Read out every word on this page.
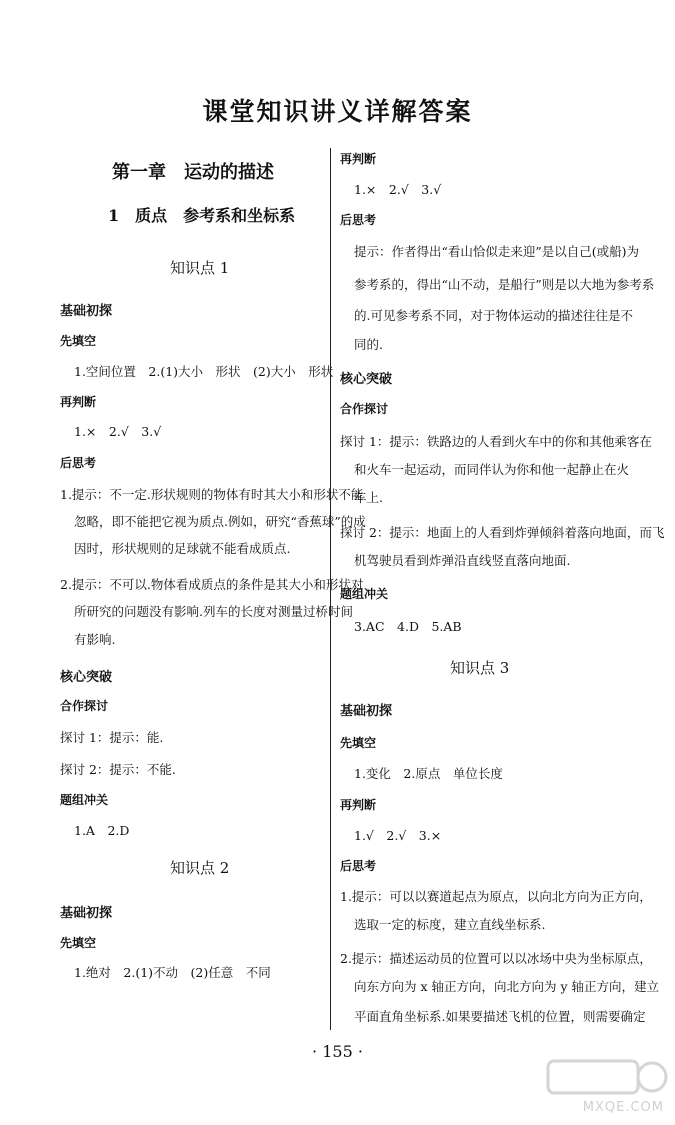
课堂知识讲义详解答案
第一章　运动的描述
1　质点　参考系和坐标系
知识点 1
基础初探
先填空
1.空间位置　2.(1)大小　形状　(2)大小　形状
再判断
1.×　2.√　3.√
后思考
1.提示：不一定.形状规则的物体有时其大小和形状不能
忽略，即不能把它视为质点.例如，研究“香蕉球”的成
因时，形状规则的足球就不能看成质点.
2.提示：不可以.物体看成质点的条件是其大小和形状对
所研究的问题没有影响.列车的长度对测量过桥时间
有影响.
核心突破
合作探讨
探讨 1：提示：能.
探讨 2：提示：不能.
题组冲关
1.A　2.D
知识点 2
基础初探
先填空
1.绝对　2.(1)不动　(2)任意　不同
再判断
1.×　2.√　3.√
后思考
提示：作者得出“看山恰似走来迎”是以自己(或船)为
参考系的，得出“山不动，是船行”则是以大地为参考系
的.可见参考系不同，对于物体运动的描述往往是不
同的.
核心突破
合作探讨
探讨 1：提示：铁路边的人看到火车中的你和其他乘客在
和火车一起运动，而同伴认为你和他一起静止在火
车上.
探讨 2：提示：地面上的人看到炸弹倾斜着落向地面，而飞
机驾驶员看到炸弹沿直线竖直落向地面.
题组冲关
3.AC　4.D　5.AB
知识点 3
基础初探
先填空
1.变化　2.原点　单位长度
再判断
1.√　2.√　3.×
后思考
1.提示：可以以赛道起点为原点，以向北方向为正方向，
选取一定的标度，建立直线坐标系.
2.提示：描述运动员的位置可以以冰场中央为坐标原点，
向东方向为 x 轴正方向，向北方向为 y 轴正方向，建立
平面直角坐标系.如果要描述飞机的位置，则需要确定
· 155 ·
MXQE.COM
